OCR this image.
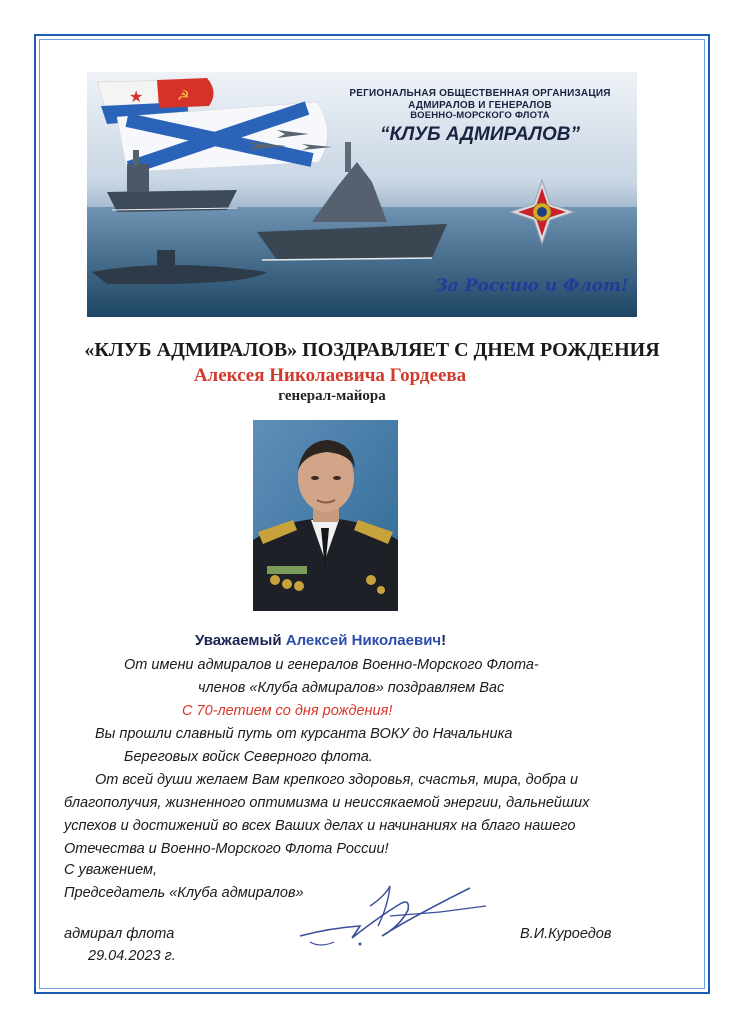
★ ☭	РЕГИОНАЛЬНАЯ ОБЩЕСТВЕННАЯ ОРГАНИЗАЦИЯ
АДМИРАЛОВ И ГЕНЕРАЛОВ
ВОЕННО-МОРСКОГО ФЛОТА
“КЛУБ АДМИРАЛОВ”
За Россию и Флот!
«КЛУБ АДМИРАЛОВ» ПОЗДРАВЛЯЕТ С ДНЕМ РОЖДЕНИЯ
Алексея Николаевича Гордеева
генерал-майора
Уважаемый Алексей Николаевич!
От имени адмиралов и генералов Военно-Морского Флота-
членов «Клуба адмиралов» поздравляем Вас
С 70-летием со дня рождения!
Вы прошли славный путь от курсанта ВОКУ до Начальника
Береговых войск Северного флота.
От всей души желаем Вам крепкого здоровья, счастья, мира, добра и
благополучия, жизненного оптимизма и неиссякаемой энергии, дальнейших
успехов и достижений во всех Ваших делах и начинаниях на благо нашего
Отечества и Военно-Морского Флота России!
С уважением,
Председатель «Клуба адмиралов»
адмирал флота
29.04.2023 г.
В.И.Куроедов
